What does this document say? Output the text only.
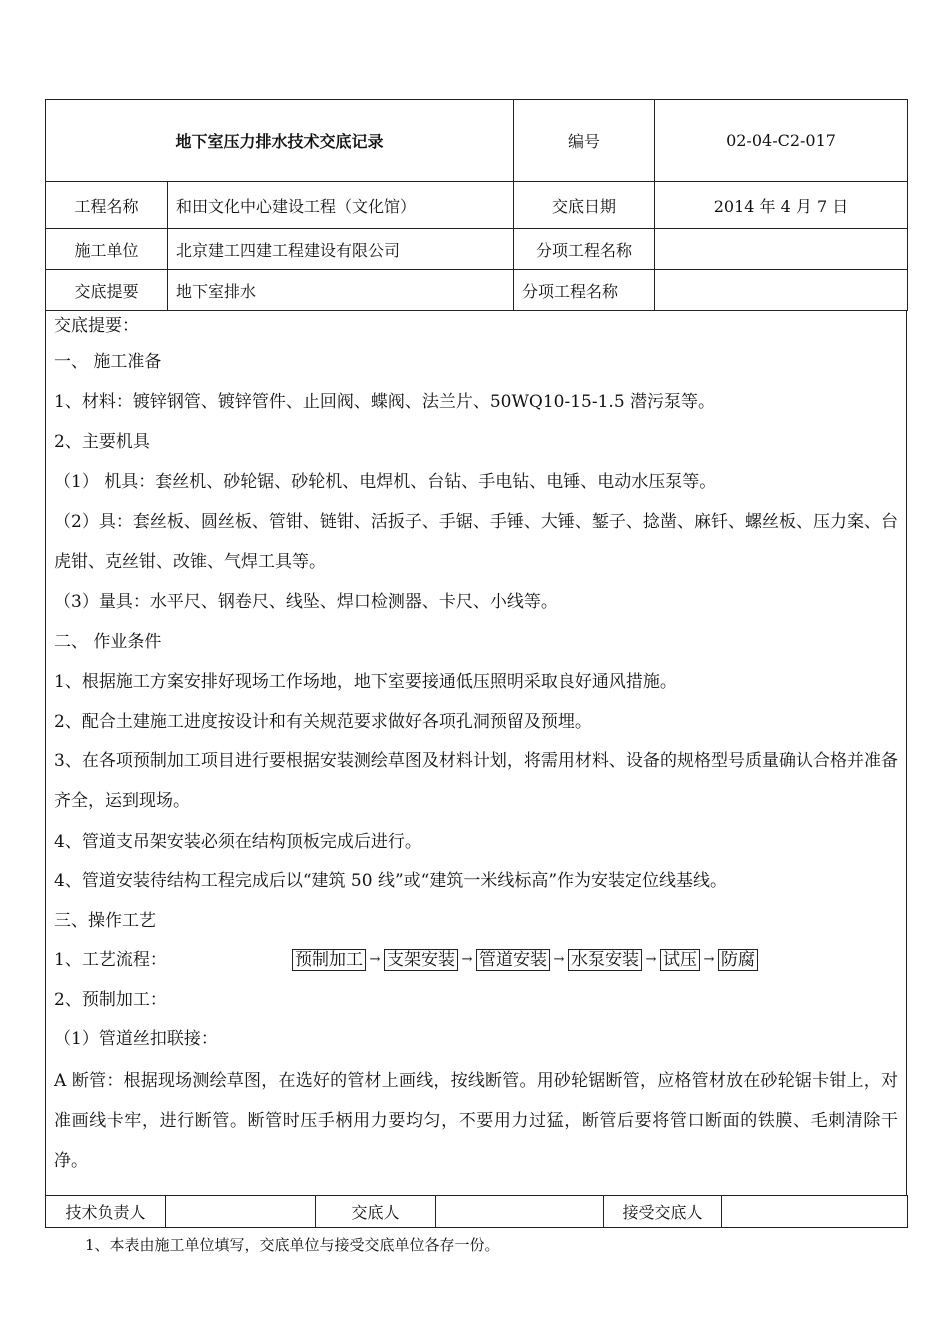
地下室压力排水技术交底记录		编号	02-04-C2-017
工程名称	和田文化中心建设工程（文化馆）	交底日期	2014 年 4 月 7 日
施工单位	北京建工四建工程建设有限公司	分项工程名称	
交底提要	地下室排水	分项工程名称	
交底提要：
一、 施工准备
1、材料：镀锌钢管、镀锌管件、止回阀、蝶阀、法兰片、50WQ10-15-1.5 潜污泵等。
2、主要机具
（1） 机具：套丝机、砂轮锯、砂轮机、电焊机、台钻、手电钻、电锤、电动水压泵等。
（2）具：套丝板、圆丝板、管钳、链钳、活扳子、手锯、手锤、大锤、錾子、捻凿、麻钎、螺丝板、压力案、台虎钳、克丝钳、改锥、气焊工具等。
（3）量具：水平尺、钢卷尺、线坠、焊口检测器、卡尺、小线等。
二、 作业条件
1、根据施工方案安排好现场工作场地，地下室要接通低压照明采取良好通风措施。
2、配合土建施工进度按设计和有关规范要求做好各项孔洞预留及预埋。
3、在各项预制加工项目进行要根据安装测绘草图及材料计划，将需用材料、设备的规格型号质量确认合格并准备齐全，运到现场。
4、管道支吊架安装必须在结构顶板完成后进行。
4、管道安装待结构工程完成后以“建筑 50 线”或“建筑一米线标高”作为安装定位线基线。
三、操作工艺
1、工艺流程：	预制加工 → 支架安装 → 管道安装 → 水泵安装 → 试压 → 防腐
2、预制加工：
（1）管道丝扣联接：
A 断管：根据现场测绘草图，在选好的管材上画线，按线断管。用砂轮锯断管，应格管材放在砂轮锯卡钳上，对准画线卡牢，进行断管。断管时压手柄用力要均匀，不要用力过猛，断管后要将管口断面的铁膜、毛刺清除干净。
技术负责人		交底人		接受交底人	
1、本表由施工单位填写，交底单位与接受交底单位各存一份。
